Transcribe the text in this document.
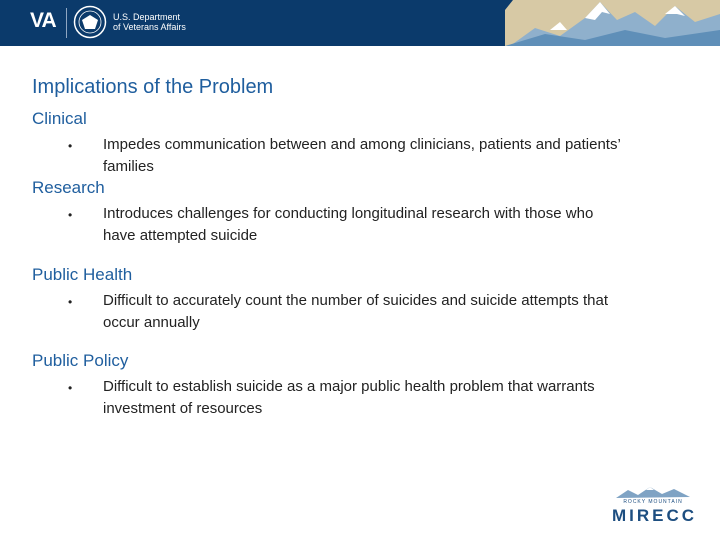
VA	U.S. Department
of Veterans Affairs
Implications of the Problem
Clinical
• Impedes communication between and among clinicians, patients and patients’
families
Research
• Introduces challenges for conducting longitudinal research with those who
have attempted suicide
Public Health
• Difficult to accurately count the number of suicides and suicide attempts that
occur annually
Public Policy
• Difficult to establish suicide as a major public health problem that warrants
investment of resources
ROCKY MOUNTAIN
MIRECC
